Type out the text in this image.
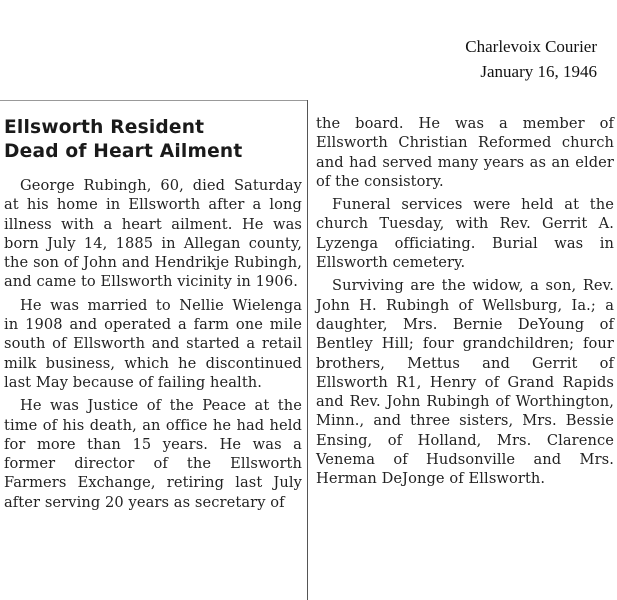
Charlevoix Courier
January 16, 1946
Ellsworth Resident
Dead of Heart Ailment

George Rubingh, 60, died Saturday at his home in Ellsworth after a long illness with a heart ailment. He was born July 14, 1885 in Allegan county, the son of John and Hendrikje Rubingh, and came to Ellsworth vicinity in 1906.

He was married to Nellie Wielenga in 1908 and operated a farm one mile south of Ellsworth and started a retail milk business, which he discontinued last May because of failing health.

He was Justice of the Peace at the time of his death, an office he had held for more than 15 years. He was a former director of the Ellsworth Farmers Exchange, retiring last July after serving 20 years as secretary of

the board. He was a member of Ellsworth Christian Reformed church and had served many years as an elder of the consistory.

Funeral services were held at the church Tuesday, with Rev. Gerrit A. Lyzenga officiating. Burial was in Ellsworth cemetery.

Surviving are the widow, a son, Rev. John H. Rubingh of Wellsburg, Ia.; a daughter, Mrs. Bernie DeYoung of Bentley Hill; four grandchildren; four brothers, Mettus and Gerrit of Ellsworth R1, Henry of Grand Rapids and Rev. John Rubingh of Worthington, Minn., and three sisters, Mrs. Bessie Ensing, of Holland, Mrs. Clarence Venema of Hudsonville and Mrs. Herman DeJonge of Ellsworth.
